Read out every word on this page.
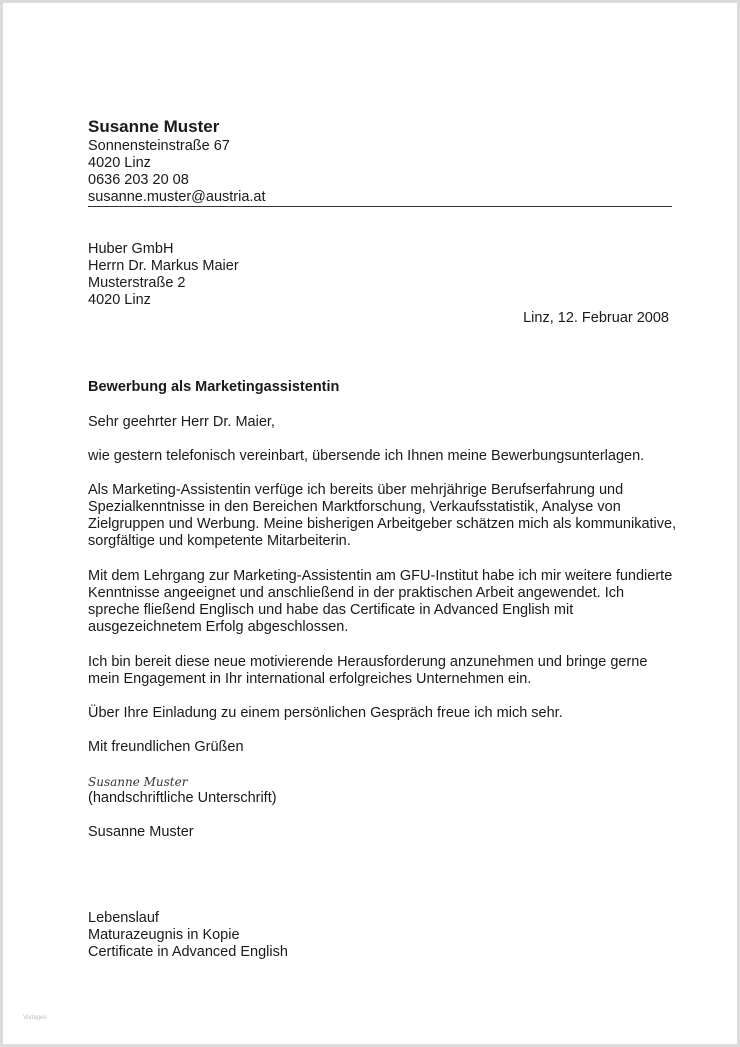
Susanne Muster

Sonnensteinstraße 67

4020 Linz

0636 203 20 08

susanne.muster@austria.at

Huber GmbH

Herrn Dr. Markus Maier

Musterstraße 2

4020 Linz

Linz, 12. Februar 2008

Bewerbung als Marketingassistentin

Sehr geehrter Herr Dr. Maier,

wie gestern telefonisch vereinbart, übersende ich Ihnen meine Bewerbungsunterlagen.

Als Marketing-Assistentin verfüge ich bereits über mehrjährige Berufserfahrung und Spezialkenntnisse in den Bereichen Marktforschung, Verkaufsstatistik, Analyse von Zielgruppen und Werbung. Meine bisherigen Arbeitgeber schätzen mich als kommunikative, sorgfältige und kompetente Mitarbeiterin.

Mit dem Lehrgang zur Marketing-Assistentin am GFU-Institut habe ich mir weitere fundierte Kenntnisse angeeignet und anschließend in der praktischen Arbeit angewendet. Ich spreche fließend Englisch und habe das Certificate in Advanced English mit ausgezeichnetem Erfolg abgeschlossen.

Ich bin bereit diese neue motivierende Herausforderung anzunehmen und bringe gerne mein Engagement in Ihr international erfolgreiches Unternehmen ein.

Über Ihre Einladung zu einem persönlichen Gespräch freue ich mich sehr.

Mit freundlichen Grüßen

Susanne Muster

(handschriftliche Unterschrift)

Susanne Muster

Lebenslauf

Maturazeugnis in Kopie

Certificate in Advanced English

Vorlagen
